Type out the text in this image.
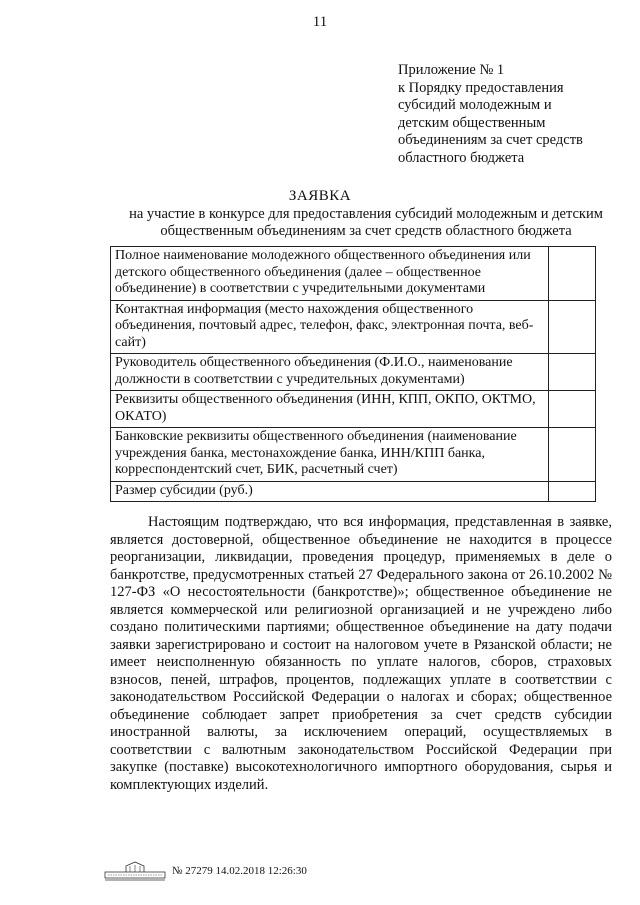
11
Приложение № 1
к Порядку предоставления
субсидий молодежным и
детским общественным
объединениям за счет средств
областного бюджета
ЗАЯВКА
на участие в конкурсе для предоставления субсидий молодежным и детским общественным объединениям за счет средств областного бюджета
Полное наименование молодежного общественного объединения или детского общественного объединения (далее – общественное объединение) в соответствии с учредительными документами	
Контактная информация (место нахождения общественного объединения, почтовый адрес, телефон, факс, электронная почта, веб-сайт)	
Руководитель общественного объединения (Ф.И.О., наименование должности в соответствии с учредительных документами)	
Реквизиты общественного объединения (ИНН, КПП, ОКПО, ОКТМО, ОКАТО)	
Банковские реквизиты общественного объединения (наименование учреждения банка, местонахождение банка, ИНН/КПП банка, корреспондентский счет, БИК, расчетный счет)	
Размер субсидии (руб.)	
Настоящим подтверждаю, что вся информация, представленная в заявке, является достоверной, общественное объединение не находится в процессе реорганизации, ликвидации, проведения процедур, применяемых в деле о банкротстве, предусмотренных статьей 27 Федерального закона от 26.10.2002 № 127-ФЗ «О несостоятельности (банкротстве)»; общественное объединение не является коммерческой или религиозной организацией и не учреждено либо создано политическими партиями; общественное объединение на дату подачи заявки зарегистрировано и состоит на налоговом учете в Рязанской области; не имеет неисполненную обязанность по уплате налогов, сборов, страховых взносов, пеней, штрафов, процентов, подлежащих уплате в соответствии с законодательством Российской Федерации о налогах и сборах; общественное объединение соблюдает запрет приобретения за счет средств субсидии иностранной валюты, за исключением операций, осуществляемых в соответствии с валютным законодательством Российской Федерации при закупке (поставке) высокотехнологичного импортного оборудования, сырья и комплектующих изделий.
№ 27279 14.02.2018 12:26:30
